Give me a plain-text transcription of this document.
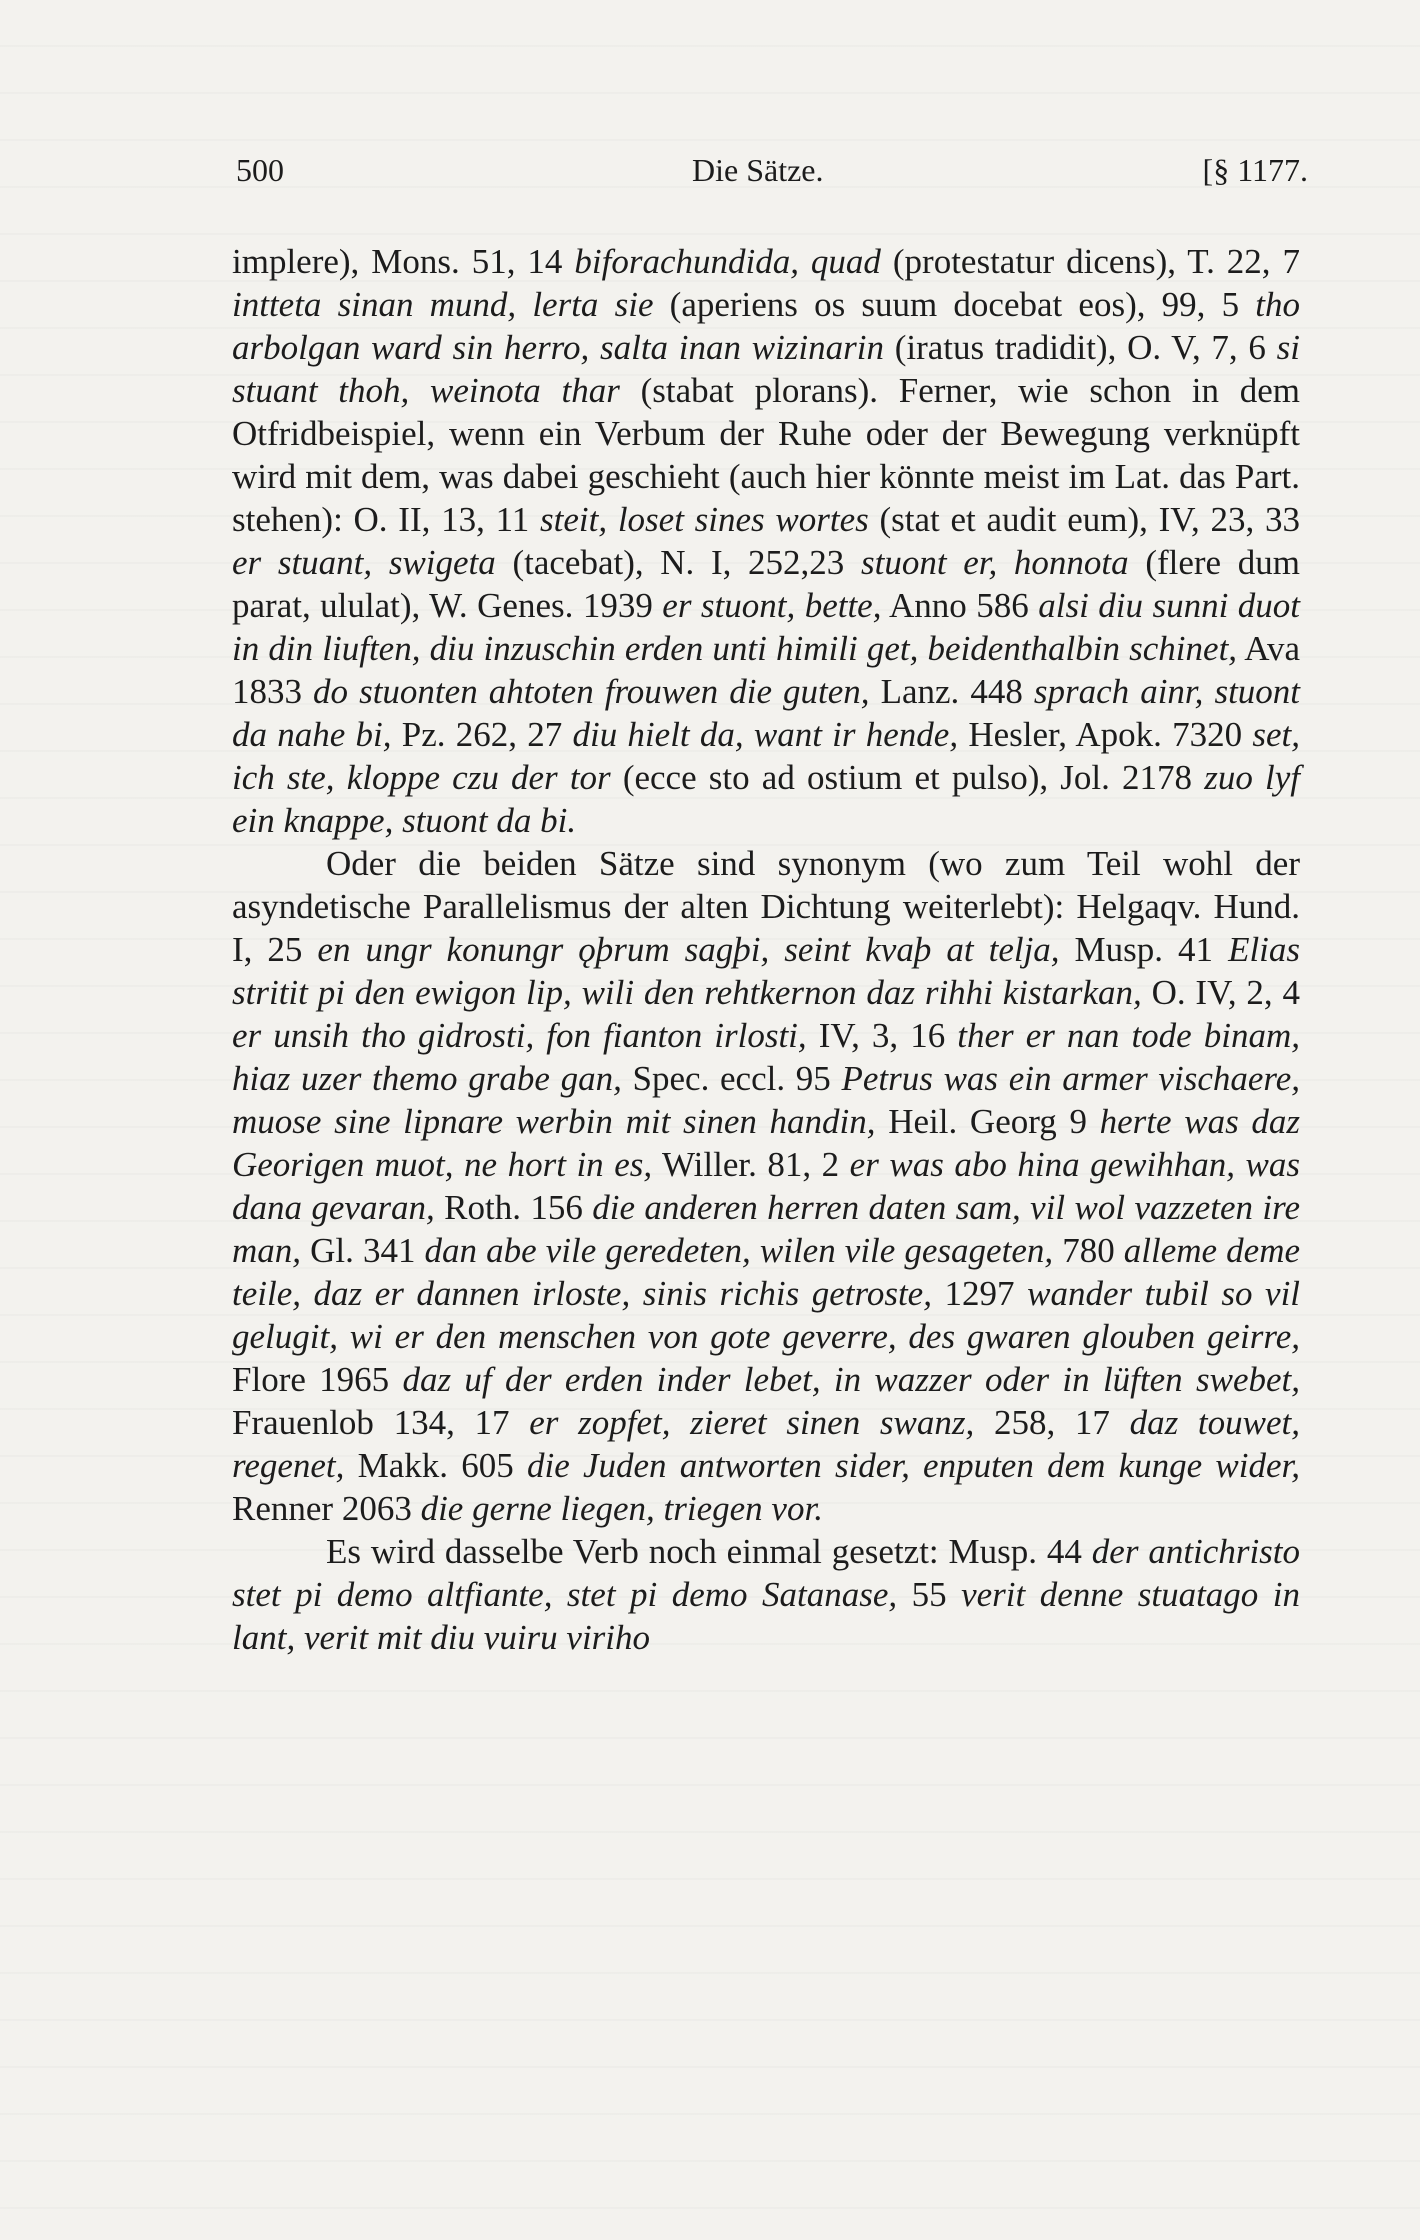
500	Die Sätze.	[§ 1177.

implere), Mons. 51, 14 biforachundida, quad (protestatur dicens), T. 22, 7 intteta sinan mund, lerta sie (aperiens os suum docebat eos), 99, 5 tho arbolgan ward sin herro, salta inan wizinarin (iratus tradidit), O. V, 7, 6 si stuant thoh, weinota thar (stabat plorans). Ferner, wie schon in dem Otfridbeispiel, wenn ein Verbum der Ruhe oder der Bewegung verknüpft wird mit dem, was dabei geschieht (auch hier könnte meist im Lat. das Part. stehen): O. II, 13, 11 steit, loset sines wortes (stat et audit eum), IV, 23, 33 er stuant, swigeta (tacebat), N. I, 252,23 stuont er, honnota (flere dum parat, ululat), W. Genes. 1939 er stuont, bette, Anno 586 alsi diu sunni duot in din liuften, diu inzuschin erden unti himili get, beidenthalbin schinet, Ava 1833 do stuonten ahtoten frouwen die guten, Lanz. 448 sprach ainr, stuont da nahe bi, Pz. 262, 27 diu hielt da, want ir hende, Hesler, Apok. 7320 set, ich ste, kloppe czu der tor (ecce sto ad ostium et pulso), Jol. 2178 zuo lyf ein knappe, stuont da bi.

Oder die beiden Sätze sind synonym (wo zum Teil wohl der asyndetische Parallelismus der alten Dichtung weiterlebt): Helgaqv. Hund. I, 25 en ungr konungr ǫþrum sagþi, seint kvaþ at telja, Musp. 41 Elias stritit pi den ewigon lip, wili den rehtkernon daz rihhi kistarkan, O. IV, 2, 4 er unsih tho gidrosti, fon fianton irlosti, IV, 3, 16 ther er nan tode binam, hiaz uzer themo grabe gan, Spec. eccl. 95 Petrus was ein armer vischaere, muose sine lipnare werbin mit sinen handin, Heil. Georg 9 herte was daz Georigen muot, ne hort in es, Willer. 81, 2 er was abo hina gewihhan, was dana gevaran, Roth. 156 die anderen herren daten sam, vil wol vazzeten ire man, Gl. 341 dan abe vile geredeten, wilen vile gesageten, 780 alleme deme teile, daz er dannen irloste, sinis richis getroste, 1297 wander tubil so vil gelugit, wi er den menschen von gote geverre, des gwaren glouben geirre, Flore 1965 daz uf der erden inder lebet, in wazzer oder in lüften swebet, Frauenlob 134, 17 er zopfet, zieret sinen swanz, 258, 17 daz touwet, regenet, Makk. 605 die Juden antworten sider, enputen dem kunge wider, Renner 2063 die gerne liegen, triegen vor.

Es wird dasselbe Verb noch einmal gesetzt: Musp. 44 der antichristo stet pi demo altfiante, stet pi demo Satanase, 55 verit denne stuatago in lant, verit mit diu vuiru viriho
